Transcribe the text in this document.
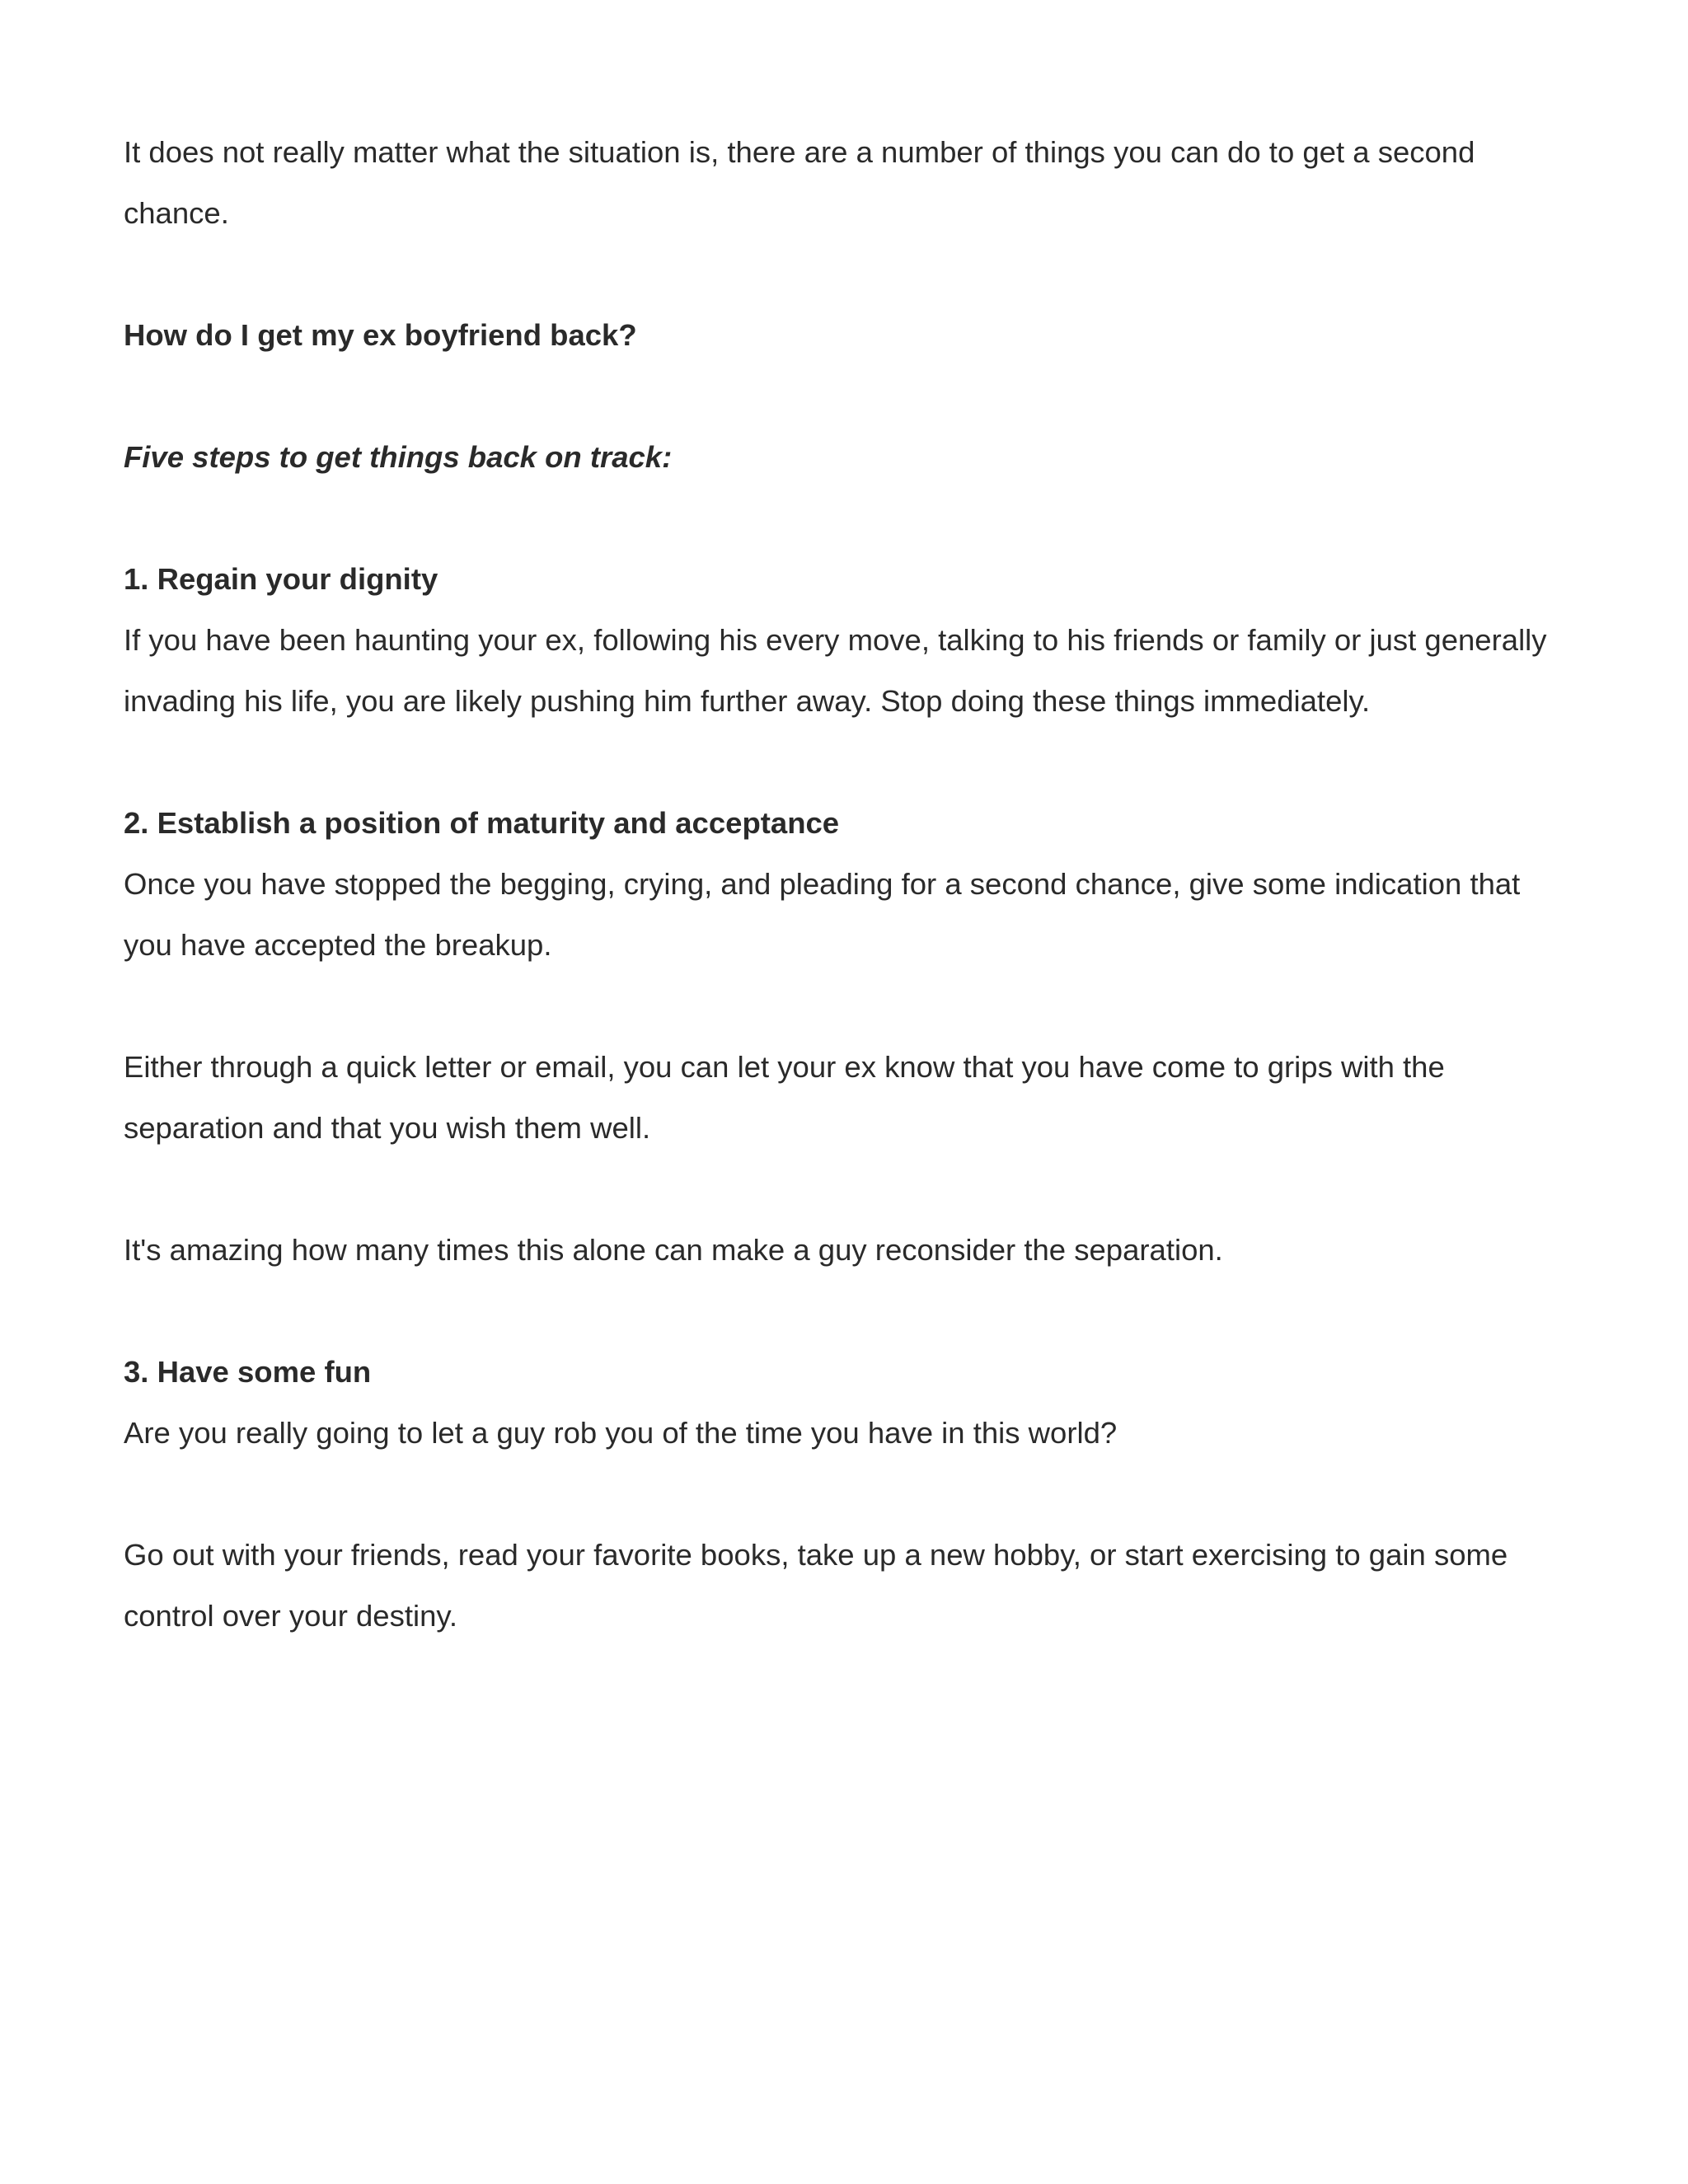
It does not really matter what the situation is, there are a number of things you can do to get a second chance.

How do I get my ex boyfriend back?

Five steps to get things back on track:

1. Regain your dignity

If you have been haunting your ex, following his every move, talking to his friends or family or just generally invading his life, you are likely pushing him further away. Stop doing these things immediately.

2. Establish a position of maturity and acceptance

Once you have stopped the begging, crying, and pleading for a second chance, give some indication that you have accepted the breakup.

Either through a quick letter or email, you can let your ex know that you have come to grips with the separation and that you wish them well.

It's amazing how many times this alone can make a guy reconsider the separation.

3. Have some fun

Are you really going to let a guy rob you of the time you have in this world?

Go out with your friends, read your favorite books, take up a new hobby, or start exercising to gain some control over your destiny.
